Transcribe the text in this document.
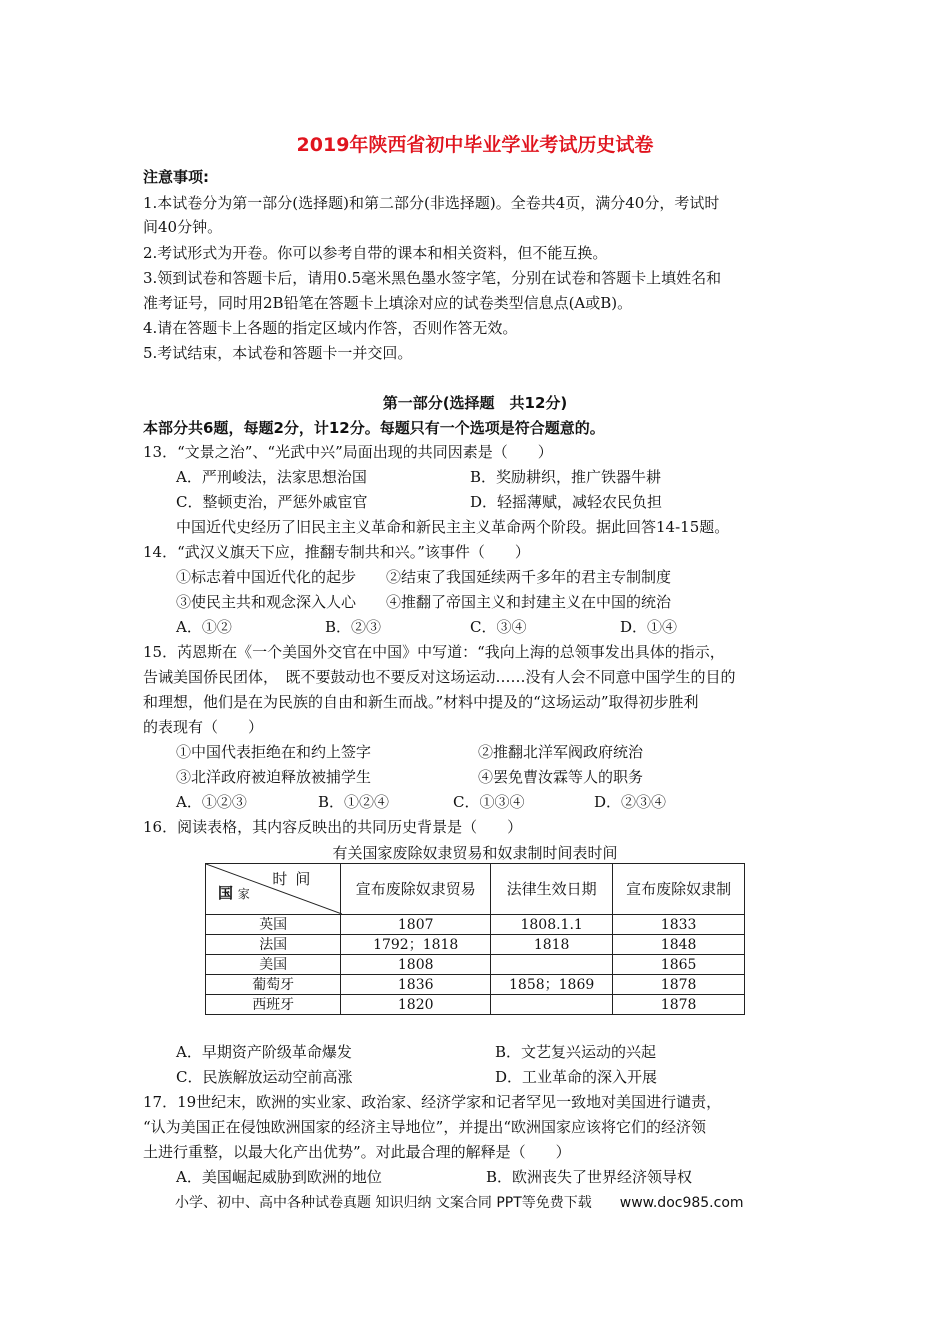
2019年陕西省初中毕业学业考试历史试卷
注意事项:
1.本试卷分为第一部分(选择题)和第二部分(非选择题)。全卷共4页，满分40分，考试时
间40分钟。
2.考试形式为开卷。你可以参考自带的课本和相关资料，但不能互换。
3.领到试卷和答题卡后，请用0.5毫米黑色墨水签字笔，分别在试卷和答题卡上填姓名和
准考证号，同时用2B铅笔在答题卡上填涂对应的试卷类型信息点(A或B)。
4.请在答题卡上各题的指定区域内作答，否则作答无效。
5.考试结束，本试卷和答题卡一并交回。
第一部分(选择题　共12分)
本部分共6题，每题2分，计12分。每题只有一个选项是符合题意的。
13．“文景之治”、“光武中兴”局面出现的共同因素是（　　）
A．严刑峻法，法家思想治国	B．奖励耕织，推广铁器牛耕
C．整顿吏治，严惩外戚宦官	D．轻摇薄赋，减轻农民负担
中国近代史经历了旧民主主义革命和新民主主义革命两个阶段。据此回答14-15题。
14．“武汉义旗天下应，推翻专制共和兴。”该事件（　　）
①标志着中国近代化的起步　　②结束了我国延续两千多年的君主专制制度
③使民主共和观念深入人心　　④推翻了帝国主义和封建主义在中国的统治
A．①②	B．②③	C．③④	D．①④
15．芮恩斯在《一个美国外交官在中国》中写道：“我向上海的总领事发出具体的指示，
告诫美国侨民团体，　既不要鼓动也不要反对这场运动……没有人会不同意中国学生的目的
和理想，他们是在为民族的自由和新生而战。”材料中提及的“这场运动”取得初步胜利
的表现有（　　）
①中国代表拒绝在和约上签字	②推翻北洋军阀政府统治
③北洋政府被迫释放被捕学生	④罢免曹汝霖等人的职务
A．①②③	B．①②④	C．①③④	D．②③④
16．阅读表格，其内容反映出的共同历史背景是（　　）
有关国家废除奴隶贸易和奴隶制时间表时间
时间
国 家	宣布废除奴隶贸易	法律生效日期	宣布废除奴隶制
英国	1807	1808.1.1	1833
法国	1792；1818	1818	1848
美国	1808		1865
葡萄牙	1836	1858；1869	1878
西班牙	1820		1878
A．早期资产阶级革命爆发	B．文艺复兴运动的兴起
C．民族解放运动空前高涨	D．工业革命的深入开展
17．19世纪末，欧洲的实业家、政治家、经济学家和记者罕见一致地对美国进行谴责，
“认为美国正在侵蚀欧洲国家的经济主导地位”，并提出“欧洲国家应该将它们的经济领
土进行重整，以最大化产出优势”。对此最合理的解释是（　　）
A．美国崛起威胁到欧洲的地位	B．欧洲丧失了世界经济领导权
小学、初中、高中各种试卷真题 知识归纳 文案合同 PPT等免费下载　　www.doc985.com
